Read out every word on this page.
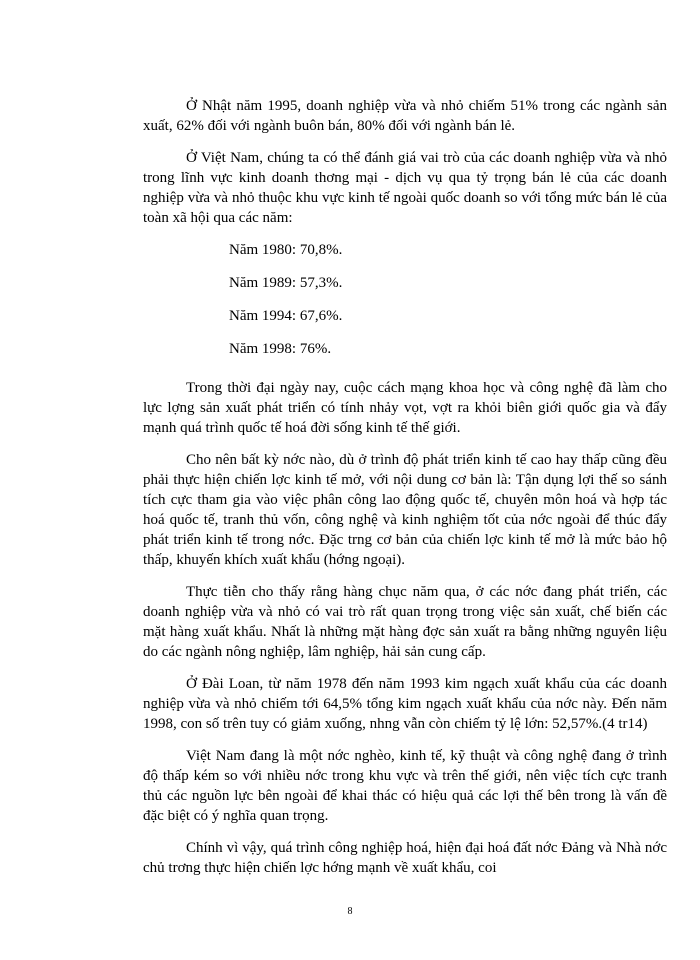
Ở Nhật năm 1995, doanh nghiệp vừa và nhỏ chiếm 51% trong các ngành sản xuất, 62% đối với ngành buôn bán, 80% đối với ngành bán lẻ.

Ở Việt Nam, chúng ta có thể đánh giá vai trò của các doanh nghiệp vừa và nhỏ trong lĩnh vực kinh doanh thơng mại - dịch vụ qua tỷ trọng bán lẻ của các doanh nghiệp vừa và nhỏ thuộc khu vực kinh tế ngoài quốc doanh so với tổng mức bán lẻ của toàn xã hội qua các năm:

Năm 1980: 70,8%.

Năm 1989: 57,3%.

Năm 1994: 67,6%.

Năm 1998: 76%.

Trong thời đại ngày nay, cuộc cách mạng khoa học và công nghệ đã làm cho lực lợng sản xuất phát triển có tính nhảy vọt, vợt ra khỏi biên giới quốc gia và đẩy mạnh quá trình quốc tế hoá đời sống kinh tế thế giới.

Cho nên bất kỳ nớc nào, dù ở trình độ phát triển kinh tế cao hay thấp cũng đều phải thực hiện chiến lợc kinh tế mở, với nội dung cơ bản là: Tận dụng lợi thế so sánh tích cực tham gia vào việc phân công lao động quốc tế, chuyên môn hoá và hợp tác hoá quốc tế, tranh thủ vốn, công nghệ và kinh nghiệm tốt của nớc ngoài để thúc đẩy phát triển kinh tế trong nớc. Đặc trng cơ bản của chiến lợc kinh tế mở là mức bảo hộ thấp, khuyến khích xuất khẩu (hớng ngoại).

Thực tiễn cho thấy rằng hàng chục năm qua, ở các nớc đang phát triển, các doanh nghiệp vừa và nhỏ có vai trò rất quan trọng trong việc sản xuất, chế biến các mặt hàng xuất khẩu. Nhất là những mặt hàng đợc sản xuất ra bằng những nguyên liệu do các ngành nông nghiệp, lâm nghiệp, hải sản cung cấp.

Ở Đài Loan, từ năm 1978 đến năm 1993 kim ngạch xuất khẩu của các doanh nghiệp vừa và nhỏ chiếm tới 64,5% tổng kim ngạch xuất khẩu của nớc này. Đến năm 1998, con số trên tuy có giảm xuống, nhng vẫn còn chiếm tỷ lệ lớn: 52,57%.(4 tr14)

Việt Nam đang là một nớc nghèo, kinh tế, kỹ thuật và công nghệ đang ở trình độ thấp kém so với nhiều nớc trong khu vực và trên thế giới, nên việc tích cực tranh thủ các nguồn lực bên ngoài để khai thác có hiệu quả các lợi thế bên trong là vấn đề đặc biệt có ý nghĩa quan trọng.

Chính vì vậy, quá trình công nghiệp hoá, hiện đại hoá đất nớc Đảng và Nhà nớc chủ trơng thực hiện chiến lợc hớng mạnh về xuất khẩu, coi

8
